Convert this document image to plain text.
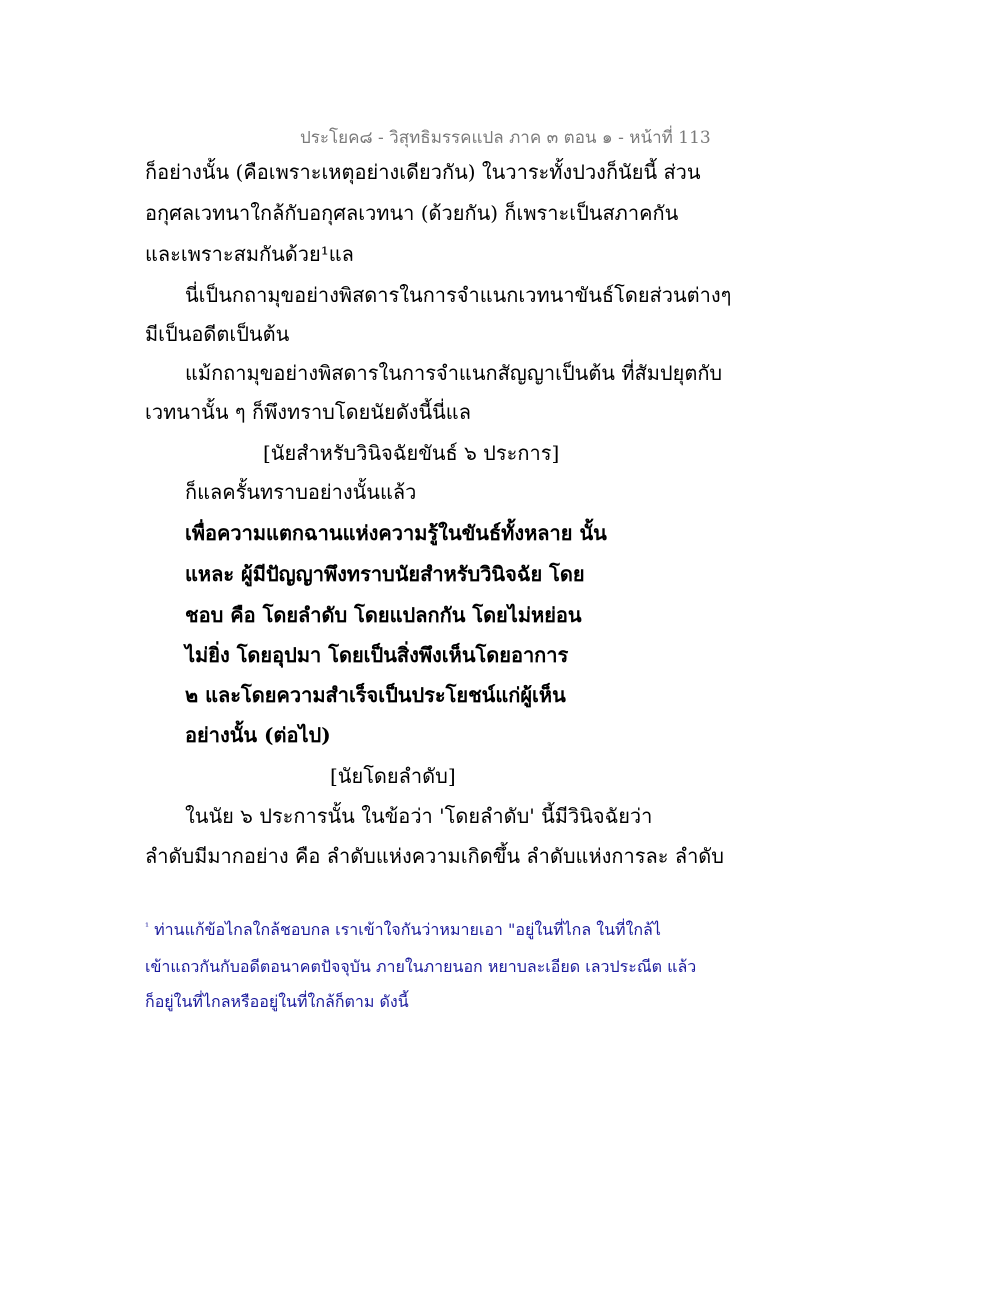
ประโยค๘ - วิสุทธิมรรคแปล ภาค ๓ ตอน ๑ - หน้าที่ 113
ก็อย่างนั้น (คือเพราะเหตุอย่างเดียวกัน) ในวาระทั้งปวงก็นัยนี้ ส่วน
อกุศลเวทนาใกล้กับอกุศลเวทนา (ด้วยกัน) ก็เพราะเป็นสภาคกัน
และเพราะสมกันด้วย¹แล
นี่เป็นกถามุขอย่างพิสดารในการจำแนกเวทนาขันธ์โดยส่วนต่างๆ
มีเป็นอดีตเป็นต้น
แม้กถามุขอย่างพิสดารในการจำแนกสัญญาเป็นต้น ที่สัมปยุตกับ
เวทนานั้น ๆ ก็พึงทราบโดยนัยดังนี้นี่แล
[นัยสำหรับวินิจฉัยขันธ์ ๖ ประการ]
ก็แลครั้นทราบอย่างนั้นแล้ว
เพื่อความแตกฉานแห่งความรู้ในขันธ์ทั้งหลาย นั้น
แหละ ผู้มีปัญญาพึงทราบนัยสำหรับวินิจฉัย โดย
ชอบ คือ โดยลำดับ โดยแปลกกัน โดยไม่หย่อน
ไม่ยิ่ง โดยอุปมา โดยเป็นสิ่งพึงเห็นโดยอาการ
๒ และโดยความสำเร็จเป็นประโยชน์แก่ผู้เห็น
อย่างนั้น (ต่อไป)
[นัยโดยลำดับ]
ในนัย ๖ ประการนั้น ในข้อว่า 'โดยลำดับ' นี้มีวินิจฉัยว่า
ลำดับมีมากอย่าง คือ ลำดับแห่งความเกิดขึ้น ลำดับแห่งการละ ลำดับ
$^{^1}$ ท่านแก้ข้อไกลใกล้ชอบกล เราเข้าใจกันว่าหมายเอา "อยู่ในที่ไกล ในที่ใกล้ไ
เข้าแถวกันกับอดีตอนาคตปัจจุบัน ภายในภายนอก หยาบละเอียด เลวประณีต แล้ว
ก็อยู่ในที่ไกลหรืออยู่ในที่ใกล้ก็ตาม ดังนี้
